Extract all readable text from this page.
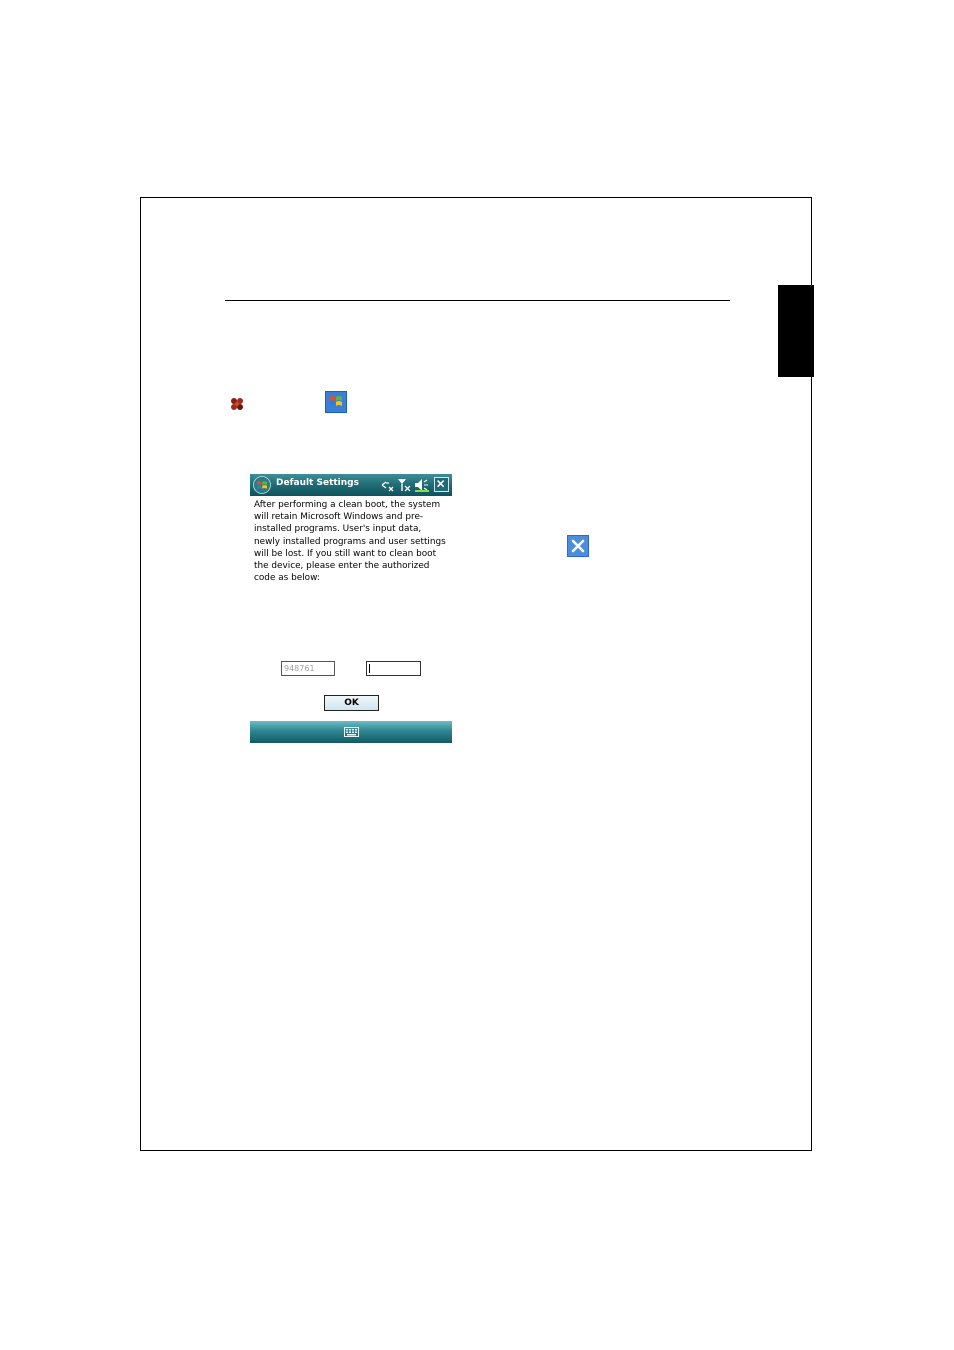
Default Settings
After performing a clean boot, the system
will retain Microsoft Windows and pre-
installed programs. User's input data,
newly installed programs and user settings
will be lost. If you still want to clean boot
the device, please enter the authorized
code as below:
948761
OK
